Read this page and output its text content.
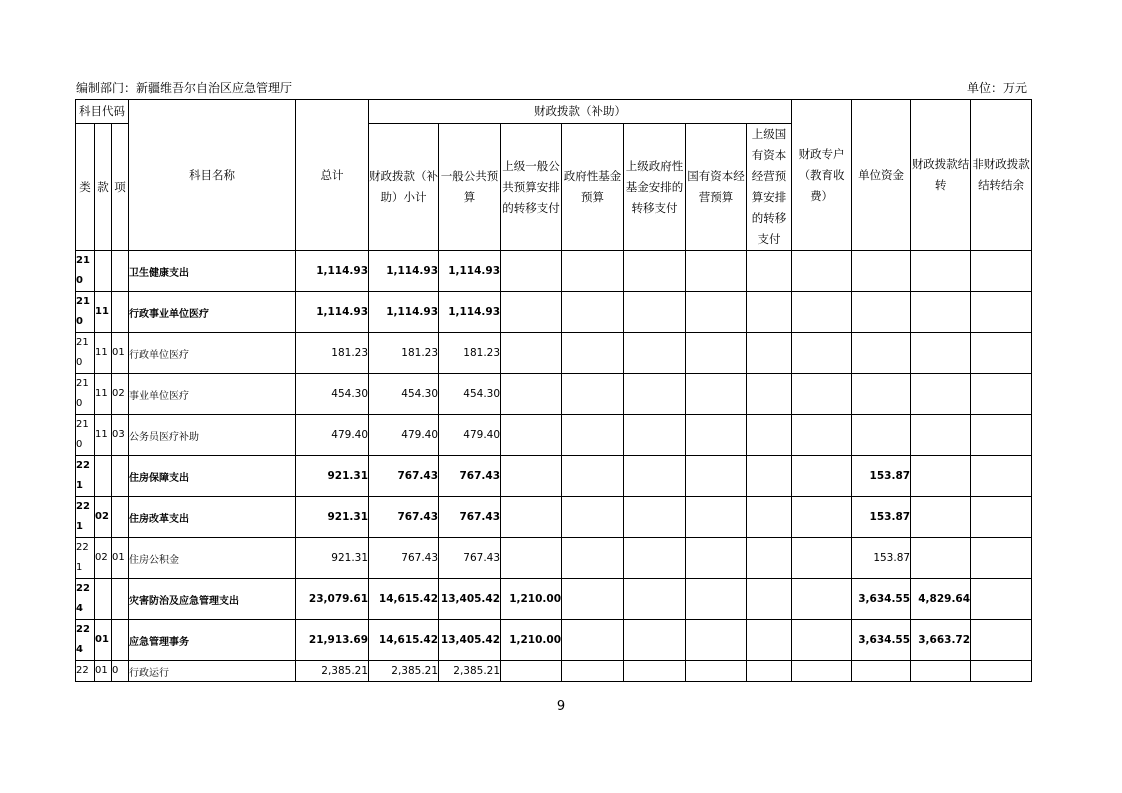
编制部门：新疆维吾尔自治区应急管理厅	单位：万元
科目代码			科目名称	总计	财政拨款（补助）							财政专户（教育收费）	单位资金	财政拨款结转	非财政拨款结转结余
类	款	项			财政拨款（补助）小计	一般公共预算	上级一般公共预算安排的转移支付	政府性基金预算	上级政府性基金安排的转移支付	国有资本经营预算	上级国有资本经营预算安排的转移支付				
210			卫生健康支出	1,114.93	1,114.93	1,114.93									
210	11		行政事业单位医疗	1,114.93	1,114.93	1,114.93									
210	11	01	行政单位医疗	181.23	181.23	181.23									
210	11	02	事业单位医疗	454.30	454.30	454.30									
210	11	03	公务员医疗补助	479.40	479.40	479.40									
221			住房保障支出	921.31	767.43	767.43							153.87		
221	02		住房改革支出	921.31	767.43	767.43							153.87		
221	02	01	住房公积金	921.31	767.43	767.43							153.87		
224			灾害防治及应急管理支出	23,079.61	14,615.42	13,405.42	1,210.00						3,634.55	4,829.64	
224	01		应急管理事务	21,913.69	14,615.42	13,405.42	1,210.00						3,634.55	3,663.72	
22	01	0	行政运行	2,385.21	2,385.21	2,385.21									
9
